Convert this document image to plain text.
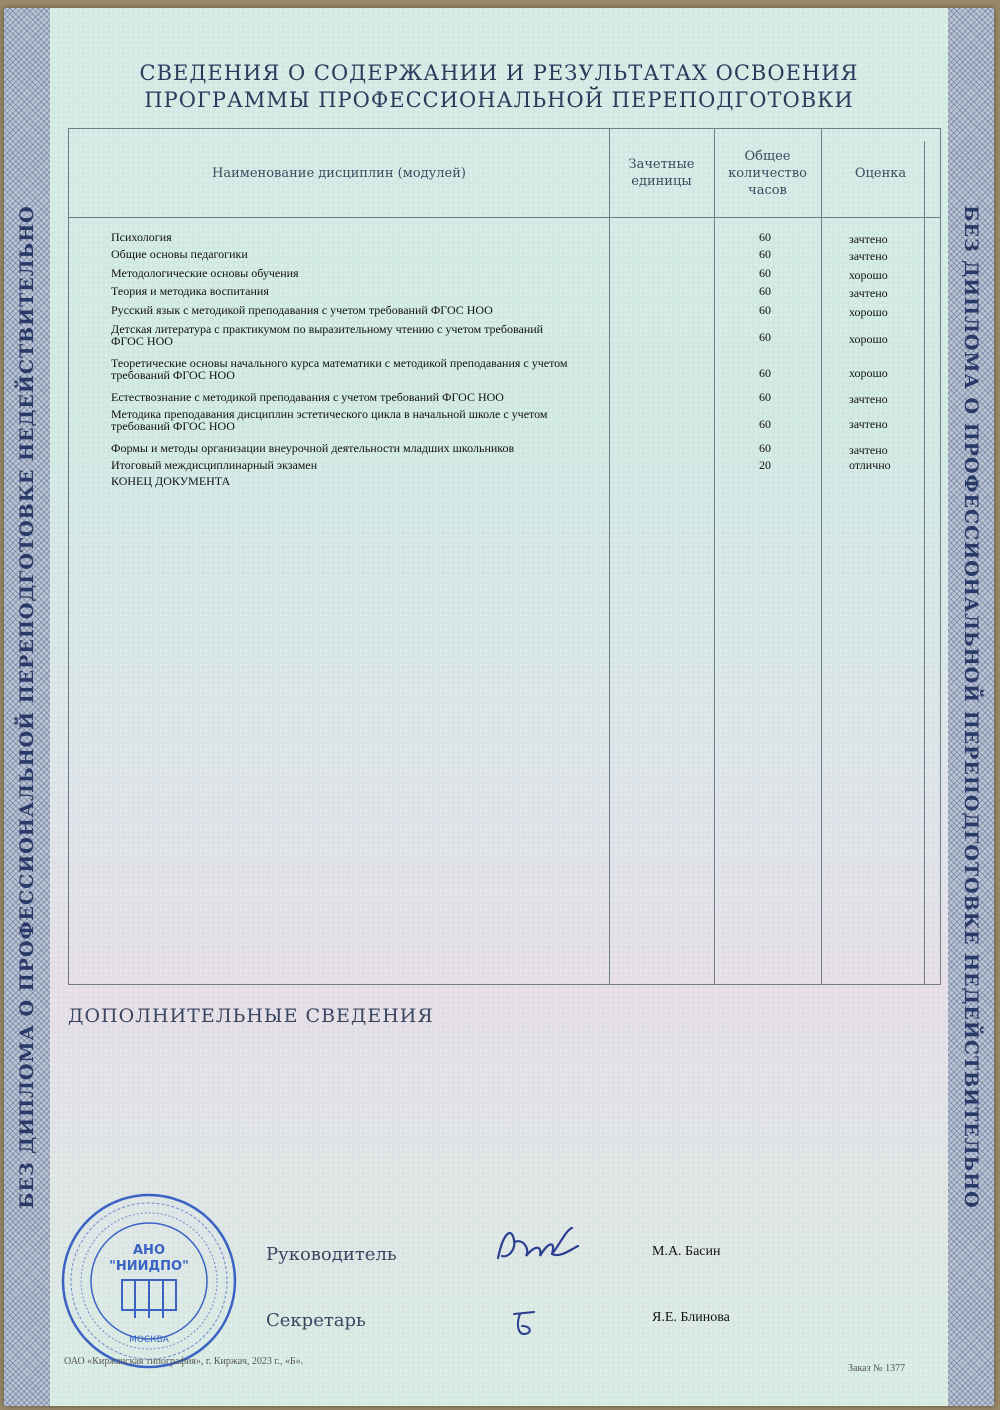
БЕЗ ДИПЛОМА О ПРОФЕССИОНАЛЬНОЙ ПЕРЕПОДГОТОВКЕ НЕДЕЙСТВИТЕЛЬНО	БЕЗ ДИПЛОМА О ПРОФЕССИОНАЛЬНОЙ ПЕРЕПОДГОТОВКЕ НЕДЕЙСТВИТЕЛЬНО
СВЕДЕНИЯ О СОДЕРЖАНИИ И РЕЗУЛЬТАТАХ ОСВОЕНИЯ
ПРОГРАММЫ ПРОФЕССИОНАЛЬНОЙ ПЕРЕПОДГОТОВКИ
Наименование дисциплин (модулей)
Зачетные
единицы
Общее
количество
часов
Оценка
Психология	60	зачтено
Общие основы педагогики	60	зачтено
Методологические основы обучения	60	хорошо
Теория и методика воспитания	60	зачтено
Русский язык с методикой преподавания с учетом требований ФГОС НОО	60	хорошо
Детская литература с практикумом по выразительному чтению с учетом требований
ФГОС НОО	60	хорошо
Теоретические основы начального курса математики с методикой преподавания с учетом
требований ФГОС НОО	60	хорошо
Естествознание с методикой преподавания с учетом требований ФГОС НОО	60	зачтено
Методика преподавания дисциплин эстетического цикла в начальной школе с учетом
требований ФГОС НОО	60	зачтено
Формы и методы организации внеурочной деятельности младших школьников	60	зачтено
Итоговый междисциплинарный экзамен	20	отлично
КОНЕЦ ДОКУМЕНТА
ДОПОЛНИТЕЛЬНЫЕ СВЕДЕНИЯ
АНО
"НИИДПО"
МОСКВА
Руководитель	М.А. Басин
Секретарь	Я.Е. Блинова
ОАО «Киржачская типография», г. Киржач, 2023 г., «Б».
Заказ № 1377
